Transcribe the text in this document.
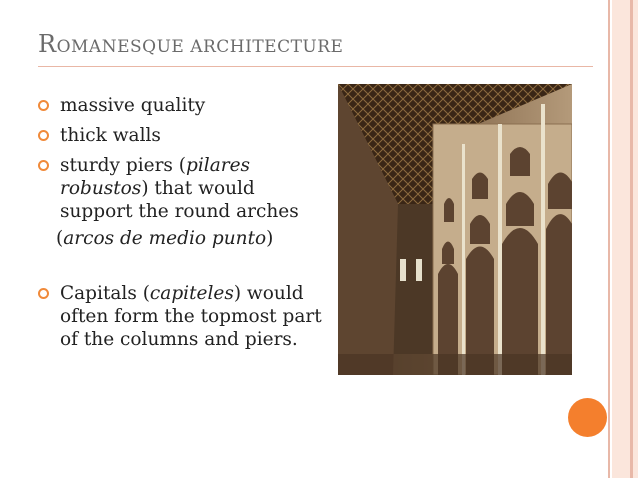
ROMANESQUE ARCHITECTURE
massive quality
thick walls
sturdy piers (pilares robustos) that would support the round arches
(arcos de medio punto)
Capitals (capiteles) would often form the topmost part of the columns and piers.
